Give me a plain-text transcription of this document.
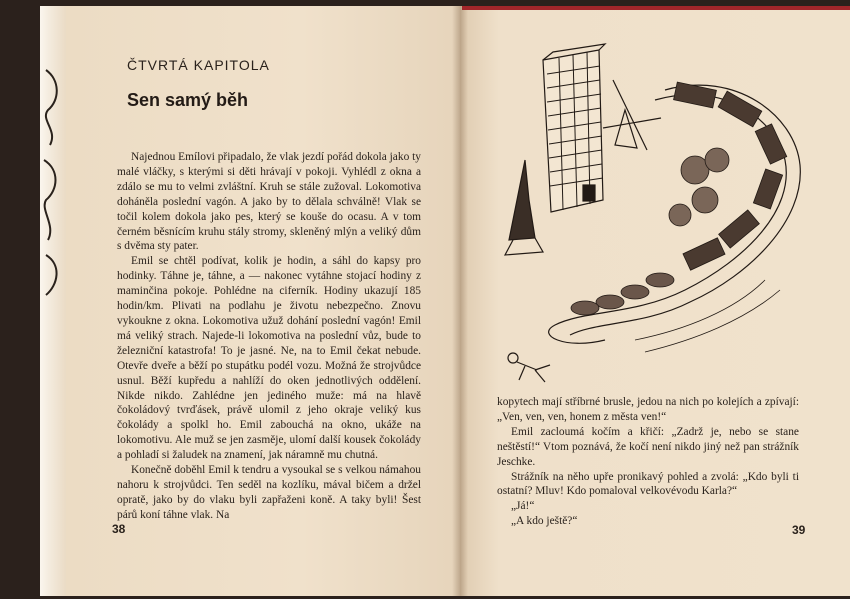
ČTVRTÁ KAPITOLA
Sen samý běh

Najednou Emílovi připadalo, že vlak jezdí pořád dokola jako ty malé vláčky, s kterými si děti hrávají v pokoji. Vyhlédl z okna a zdálo se mu to velmi zvláštní. Kruh se stále zužoval. Lokomotiva doháněla poslední vagón. A jako by to dělala schválně! Vlak se točil kolem dokola jako pes, který se kouše do ocasu. A v tom černém běsnícím kruhu stály stromy, skleněný mlýn a veliký dům s dvěma sty pater.

Emil se chtěl podívat, kolik je hodin, a sáhl do kapsy pro hodinky. Táhne je, táhne, a — nakonec vytáhne stojací hodiny z maminčina pokoje. Pohlédne na ciferník. Hodiny ukazují 185 hodin/km. Plivati na podlahu je životu nebezpečno. Znovu vykoukne z okna. Lokomotiva užuž dohání poslední vagón! Emil má veliký strach. Najede-li lokomotiva na poslední vůz, bude to železniční katastrofa! To je jasné. Ne, na to Emil čekat nebude. Otevře dveře a běží po stupátku podél vozu. Možná že strojvůdce usnul. Běží kupředu a nahlíží do oken jednotlivých oddělení. Nikde nikdo. Zahlédne jen jediného muže: má na hlavě čokoládový tvrďásek, právě ulomil z jeho okraje veliký kus čokolády a spolkl ho. Emil zabouchá na okno, ukáže na lokomotivu. Ale muž se jen zasměje, ulomí další kousek čokolády a pohladí si žaludek na znamení, jak náramně mu chutná.

Konečně doběhl Emil k tendru a vysoukal se s velkou námahou nahoru k strojvůdci. Ten seděl na kozlíku, mával bičem a držel opratě, jako by do vlaku byli zapřaženi koně. A taky byli! Šest párů koní táhne vlak. Na

38

kopytech mají stříbrné brusle, jedou na nich po kolejích a zpívají: „Ven, ven, ven, honem z města ven!“

Emil zacloumá kočím a křičí: „Zadrž je, nebo se stane neštěstí!“ Vtom poznává, že kočí není nikdo jiný než pan strážník Jeschke.

Strážník na něho upře pronikavý pohled a zvolá: „Kdo byli ti ostatní? Mluv! Kdo pomaloval velkovévodu Karla?“

„Já!“

„A kdo ještě?“

39
